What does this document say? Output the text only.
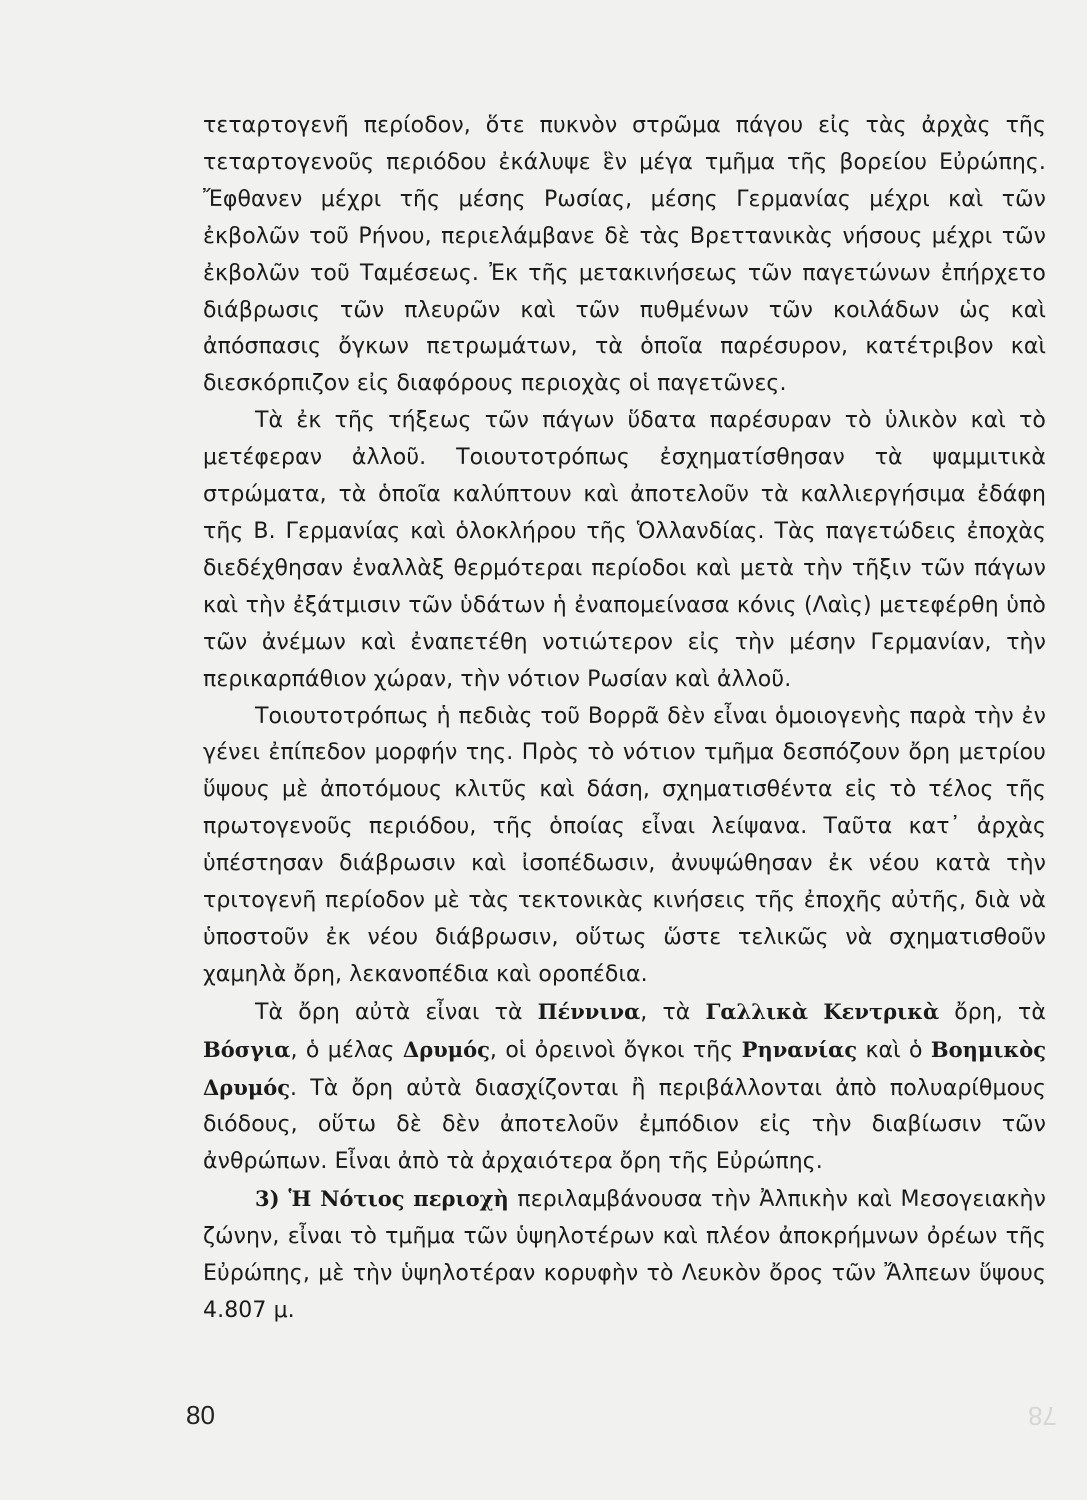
τεταρτογενῆ περίοδον, ὅτε πυκνὸν στρῶμα πάγου εἰς τὰς ἀρχὰς τῆς τεταρτογενοῦς περιόδου ἐκάλυψε ἓν μέγα τμῆμα τῆς βορείου Εὐρώπης. Ἔφθανεν μέχρι τῆς μέσης Ρωσίας, μέσης Γερμανίας μέχρι καὶ τῶν ἐκβολῶν τοῦ Ρήνου, περιελάμβανε δὲ τὰς Βρεττανικὰς νήσους μέχρι τῶν ἐκβολῶν τοῦ Ταμέσεως. Ἐκ τῆς μετακινήσεως τῶν παγετώνων ἐπήρχετο διάβρωσις τῶν πλευρῶν καὶ τῶν πυθμένων τῶν κοιλάδων ὡς καὶ ἀπόσπασις ὄγκων πετρωμάτων, τὰ ὁποῖα παρέσυρον, κατέτριβον καὶ διεσκόρπιζον εἰς διαφόρους περιοχὰς οἱ παγετῶνες.

Τὰ ἐκ τῆς τήξεως τῶν πάγων ὕδατα παρέσυραν τὸ ὑλικὸν καὶ τὸ μετέφεραν ἀλλοῦ. Τοιουτοτρόπως ἐσχηματίσθησαν τὰ ψαμμιτικὰ στρώματα, τὰ ὁποῖα καλύπτουν καὶ ἀποτελοῦν τὰ καλλιεργήσιμα ἐδάφη τῆς Β. Γερμανίας καὶ ὁλοκλήρου τῆς Ὁλλανδίας. Τὰς παγετώδεις ἐποχὰς διεδέχθησαν ἐναλλὰξ θερμότεραι περίοδοι καὶ μετὰ τὴν τῆξιν τῶν πάγων καὶ τὴν ἐξάτμισιν τῶν ὑδάτων ἡ ἐναπομείνασα κόνις (Λαὶς) μετεφέρθη ὑπὸ τῶν ἀνέμων καὶ ἐναπετέθη νοτιώτερον εἰς τὴν μέσην Γερμανίαν, τὴν περικαρπάθιον χώραν, τὴν νότιον Ρωσίαν καὶ ἀλλοῦ.

Τοιουτοτρόπως ἡ πεδιὰς τοῦ Βορρᾶ δὲν εἶναι ὁμοιογενὴς παρὰ τὴν ἐν γένει ἐπίπεδον μορφήν της. Πρὸς τὸ νότιον τμῆμα δεσπόζουν ὄρη μετρίου ὕψους μὲ ἀποτόμους κλιτῦς καὶ δάση, σχηματισθέντα εἰς τὸ τέλος τῆς πρωτογενοῦς περιόδου, τῆς ὁποίας εἶναι λείψανα. Ταῦτα κατ᾽ ἀρχὰς ὑπέστησαν διάβρωσιν καὶ ἰσοπέδωσιν, ἀνυψώθησαν ἐκ νέου κατὰ τὴν τριτογενῆ περίοδον μὲ τὰς τεκτονικὰς κινήσεις τῆς ἐποχῆς αὐτῆς, διὰ νὰ ὑποστοῦν ἐκ νέου διάβρωσιν, οὕτως ὥστε τελικῶς νὰ σχηματισθοῦν χαμηλὰ ὄρη, λεκανοπέδια καὶ οροπέδια.

Τὰ ὄρη αὐτὰ εἶναι τὰ Πέννινα, τὰ Γαλλικὰ Κεντρικὰ ὄρη, τὰ Βόσγια, ὁ μέλας Δρυμός, οἱ ὀρεινοὶ ὄγκοι τῆς Ρηνανίας καὶ ὁ Βοημικὸς Δρυμός. Τὰ ὄρη αὐτὰ διασχίζονται ἢ περιβάλλονται ἀπὸ πολυαρίθμους διόδους, οὕτω δὲ δὲν ἀποτελοῦν ἐμπόδιον εἰς τὴν διαβίωσιν τῶν ἀνθρώπων. Εἶναι ἀπὸ τὰ ἀρχαιότερα ὄρη τῆς Εὐρώπης.

3) Ἡ Νότιος περιοχὴ περιλαμβάνουσα τὴν Ἀλπικὴν καὶ Μεσογειακὴν ζώνην, εἶναι τὸ τμῆμα τῶν ὑψηλοτέρων καὶ πλέον ἀποκρήμνων ὀρέων τῆς Εὐρώπης, μὲ τὴν ὑψηλοτέραν κορυφὴν τὸ Λευκὸν ὄρος τῶν Ἄλπεων ὕψους 4.807 μ.

80	78
